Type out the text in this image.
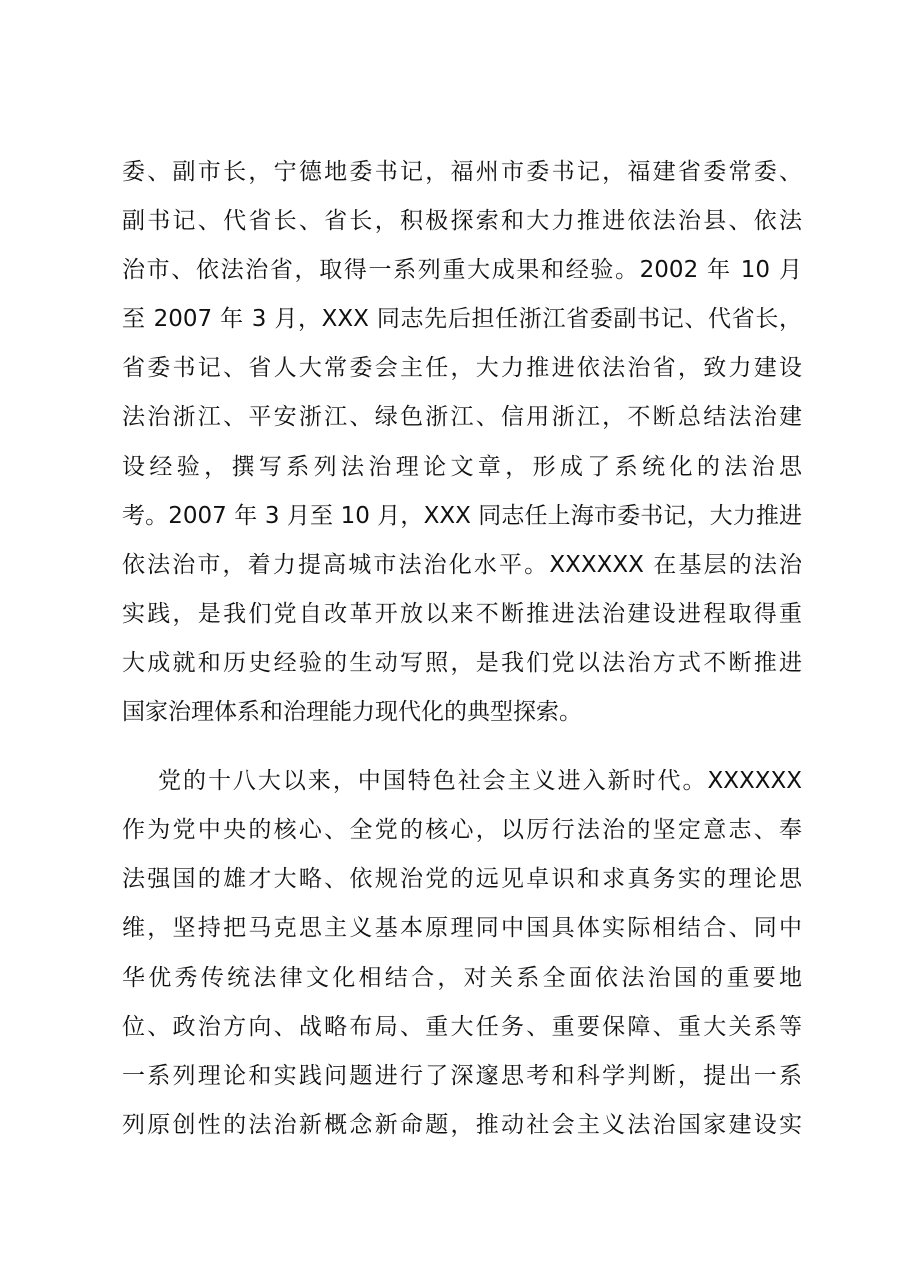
委、副市长，宁德地委书记，福州市委书记，福建省委常委、
副书记、代省长、省长，积极探索和大力推进依法治县、依法
治市、依法治省，取得一系列重大成果和经验。2002 年 10 月
至 2007 年 3 月，XXX 同志先后担任浙江省委副书记、代省长，
省委书记、省人大常委会主任，大力推进依法治省，致力建设
法治浙江、平安浙江、绿色浙江、信用浙江，不断总结法治建
设经验，撰写系列法治理论文章，形成了系统化的法治思
考。2007 年 3 月至 10 月，XXX 同志任上海市委书记，大力推进
依法治市，着力提高城市法治化水平。XXXXXX 在基层的法治
实践，是我们党自改革开放以来不断推进法治建设进程取得重
大成就和历史经验的生动写照，是我们党以法治方式不断推进
国家治理体系和治理能力现代化的典型探索。
党的十八大以来，中国特色社会主义进入新时代。XXXXXX
作为党中央的核心、全党的核心，以厉行法治的坚定意志、奉
法强国的雄才大略、依规治党的远见卓识和求真务实的理论思
维，坚持把马克思主义基本原理同中国具体实际相结合、同中
华优秀传统法律文化相结合，对关系全面依法治国的重要地
位、政治方向、战略布局、重大任务、重要保障、重大关系等
一系列理论和实践问题进行了深邃思考和科学判断，提出一系
列原创性的法治新概念新命题，推动社会主义法治国家建设实
